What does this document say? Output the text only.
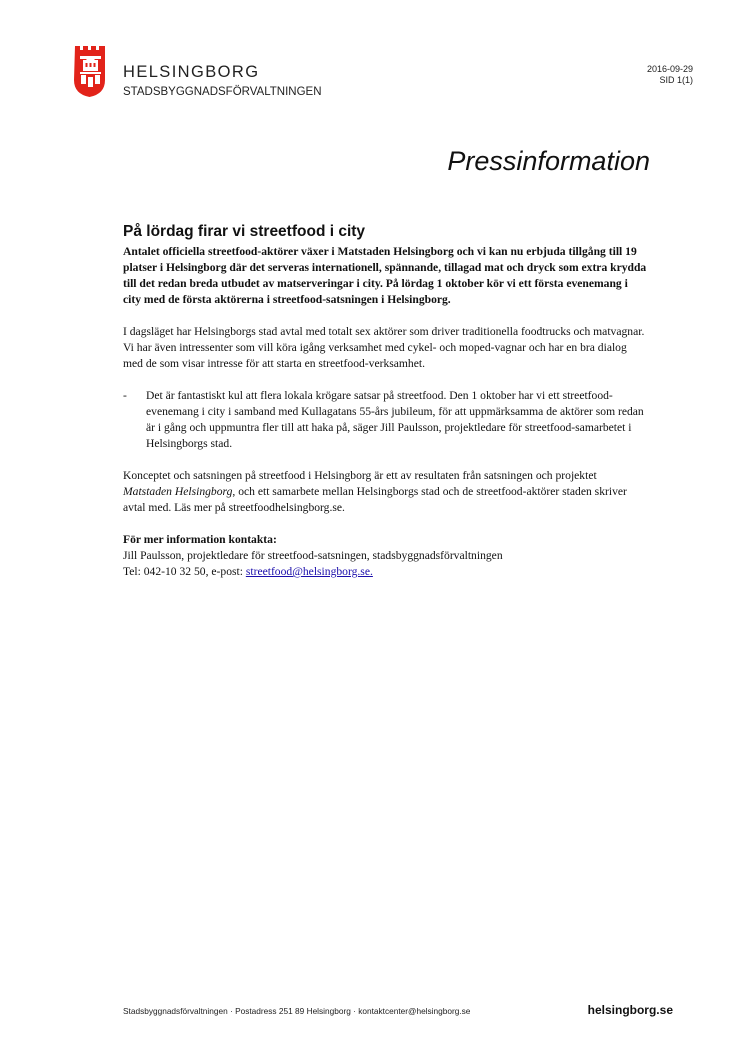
HELSINGBORG
STADSBYGGNADSFÖRVALTNINGEN
2016-09-29
SID 1(1)
Pressinformation
På lördag firar vi streetfood i city

Antalet officiella streetfood-aktörer växer i Matstaden Helsingborg och vi kan nu erbjuda tillgång till 19 platser i Helsingborg där det serveras internationell, spännande, tillagad mat och dryck som extra krydda till det redan breda utbudet av matserveringar i city. På lördag 1 oktober kör vi ett första evenemang i city med de första aktörerna i streetfood-satsningen i Helsingborg.

I dagsläget har Helsingborgs stad avtal med totalt sex aktörer som driver traditionella foodtrucks och matvagnar. Vi har även intressenter som vill köra igång verksamhet med cykel- och moped-vagnar och har en bra dialog med de som visar intresse för att starta en streetfood-verksamhet.

- Det är fantastiskt kul att flera lokala krögare satsar på streetfood. Den 1 oktober har vi ett streetfood-evenemang i city i samband med Kullagatans 55-års jubileum, för att uppmärksamma de aktörer som redan är i gång och uppmuntra fler till att haka på, säger Jill Paulsson, projektledare för streetfood-samarbetet i Helsingborgs stad.

Konceptet och satsningen på streetfood i Helsingborg är ett av resultaten från satsningen och projektet Matstaden Helsingborg, och ett samarbete mellan Helsingborgs stad och de streetfood-aktörer staden skriver avtal med. Läs mer på streetfoodhelsingborg.se.

För mer information kontakta:
Jill Paulsson, projektledare för streetfood-satsningen, stadsbyggnadsförvaltningen
Tel: 042-10 32 50, e-post: streetfood@helsingborg.se.
Stadsbyggnadsförvaltningen · Postadress 251 89 Helsingborg · kontaktcenter@helsingborg.se	helsingborg.se
